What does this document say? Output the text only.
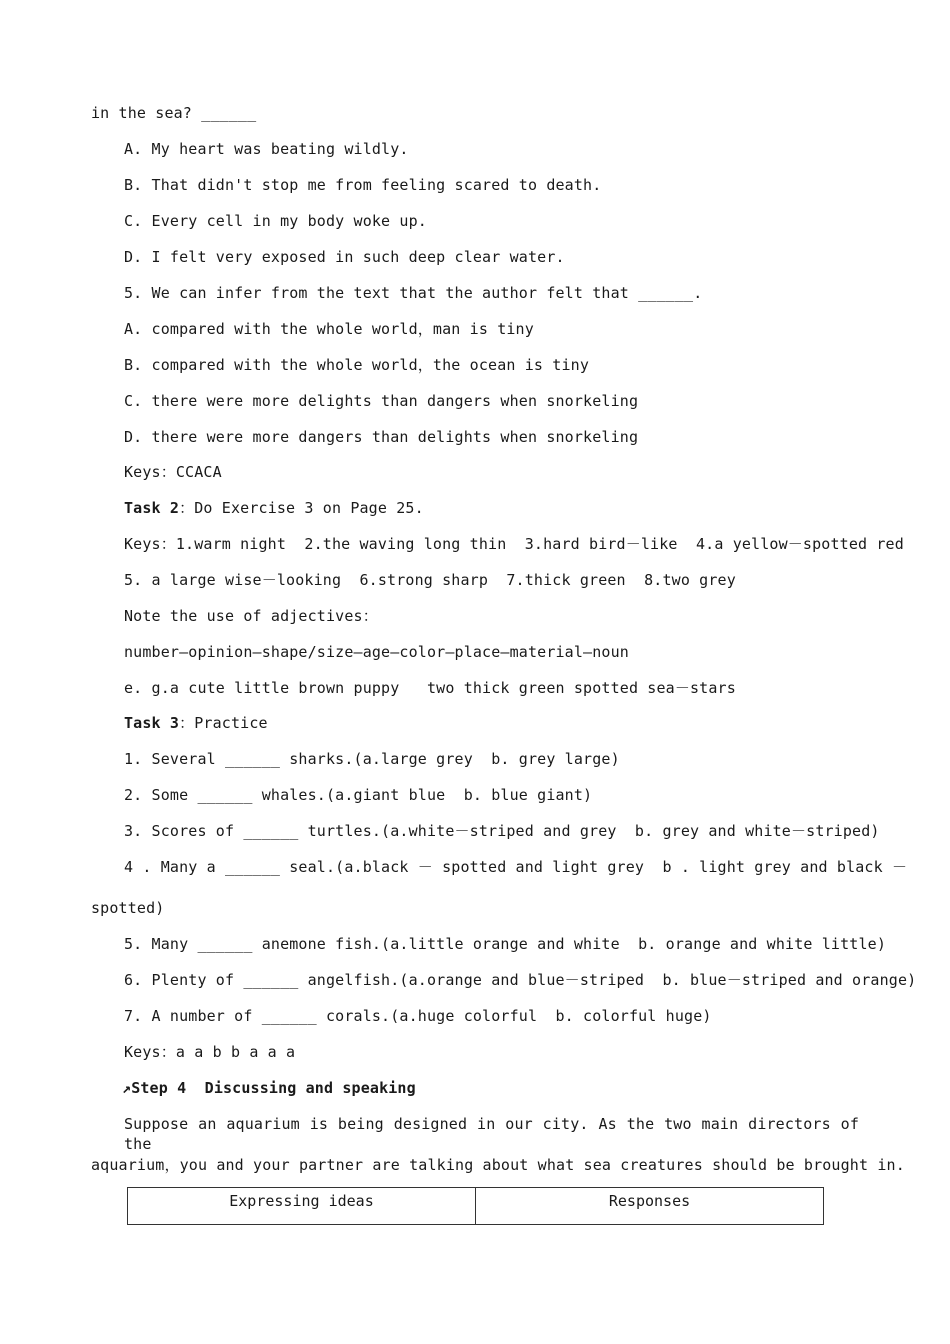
in the sea? ______
A. My heart was beating wildly.
B. That didn't stop me from feeling scared to death.
C. Every cell in my body woke up.
D. I felt very exposed in such deep clear water.
5. We can infer from the text that the author felt that ______.
A. compared with the whole world，man is tiny
B. compared with the whole world，the ocean is tiny
C. there were more delights than dangers when snorkeling
D. there were more dangers than delights when snorkeling
Keys：CCACA
Task 2：Do Exercise 3 on Page 25.
Keys：1.warm night  2.the waving long thin  3.hard bird－like  4.a yellow－spotted red
5. a large wise－looking  6.strong sharp  7.thick green  8.two grey
Note the use of adjectives：
number—opinion—shape/size—age—color—place—material—noun
e. g.a cute little brown puppy   two thick green spotted sea－stars
Task 3：Practice
1. Several ______ sharks.(a.large grey  b. grey large)
2. Some ______ whales.(a.giant blue  b. blue giant)
3. Scores of ______ turtles.(a.white－striped and grey  b. grey and white－striped)
4 . Many a ______ seal.(a.black － spotted and light grey  b . light grey and black －
spotted)
5. Many ______ anemone fish.(a.little orange and white  b. orange and white little)
6. Plenty of ______ angelfish.(a.orange and blue－striped  b. blue－striped and orange)
7. A number of ______ corals.(a.huge colorful  b. colorful huge)
Keys：a a b b a a a
↗Step 4  Discussing and speaking
Suppose an aquarium is being designed in our city. As the two main directors of the
aquarium，you and your partner are talking about what sea creatures should be brought in.
Expressing ideas	Responses
